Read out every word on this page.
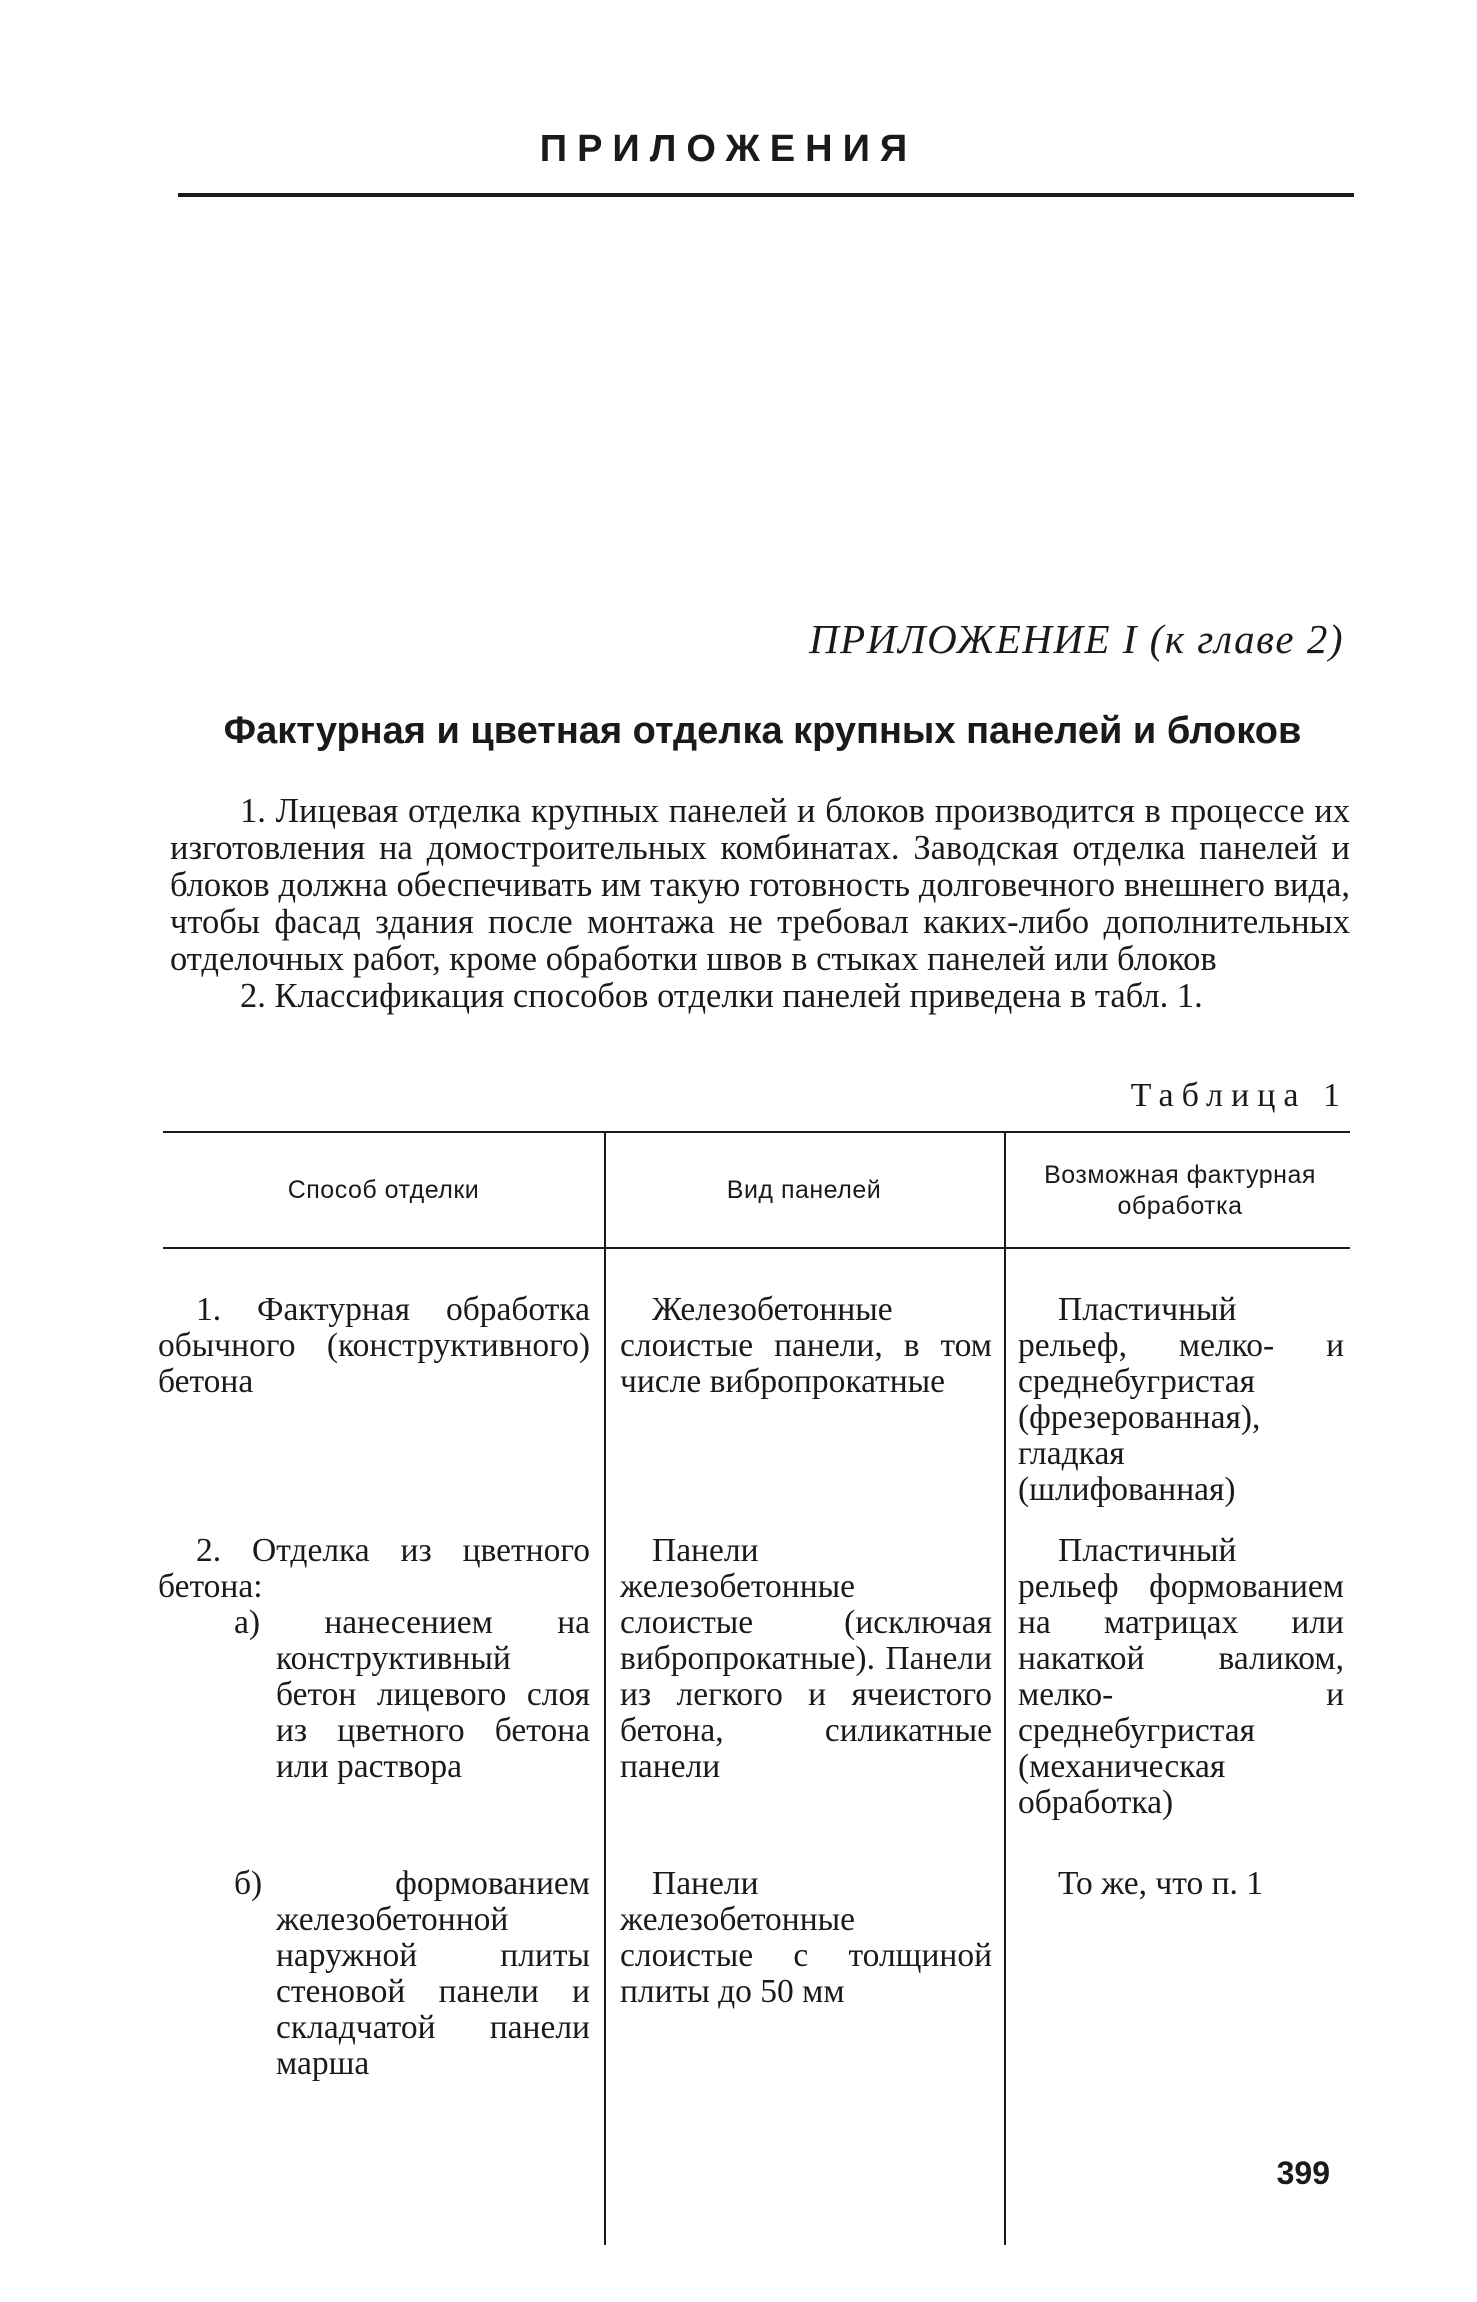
ПРИЛОЖЕНИЯ
ПРИЛОЖЕНИЕ I (к главе 2)
Фактурная и цветная отделка крупных панелей и блоков

1. Лицевая отделка крупных панелей и блоков производится в процессе их изготовления на домостроительных комбинатах. Заводская отделка панелей и блоков должна обеспечивать им такую готовность долговечного внешнего вида, чтобы фасад здания после монтажа не требовал каких-либо дополнительных отделочных работ, кроме обработки швов в стыках панелей или блоков

2. Классификация способов отделки панелей приведена в табл. 1.

Таблица 1
Способ отделки	Вид панелей
Возможная фактурная обработка

1. Фактурная обработка обычного (конструктивного) бетона

Железобетонные слоистые панели, в том числе вибропрокатные

Пластичный рельеф, мелко- и среднебугристая (фрезерованная), гладкая (шлифованная)

2. Отделка из цветного бетона:

а) нанесением на конструктивный бетон лицевого слоя из цветного бетона или раствора

Панели железобетонные слоистые (исключая вибропрокатные). Панели из легкого и ячеистого бетона, силикатные панели

Пластичный рельеф формованием на матрицах или накаткой валиком, мелко- и среднебугристая (механическая обработка)

б) формованием железобетонной наружной плиты стеновой панели и складчатой панели марша

Панели железобетонные слоистые с толщиной плиты до 50 мм

То же, что п. 1

399
